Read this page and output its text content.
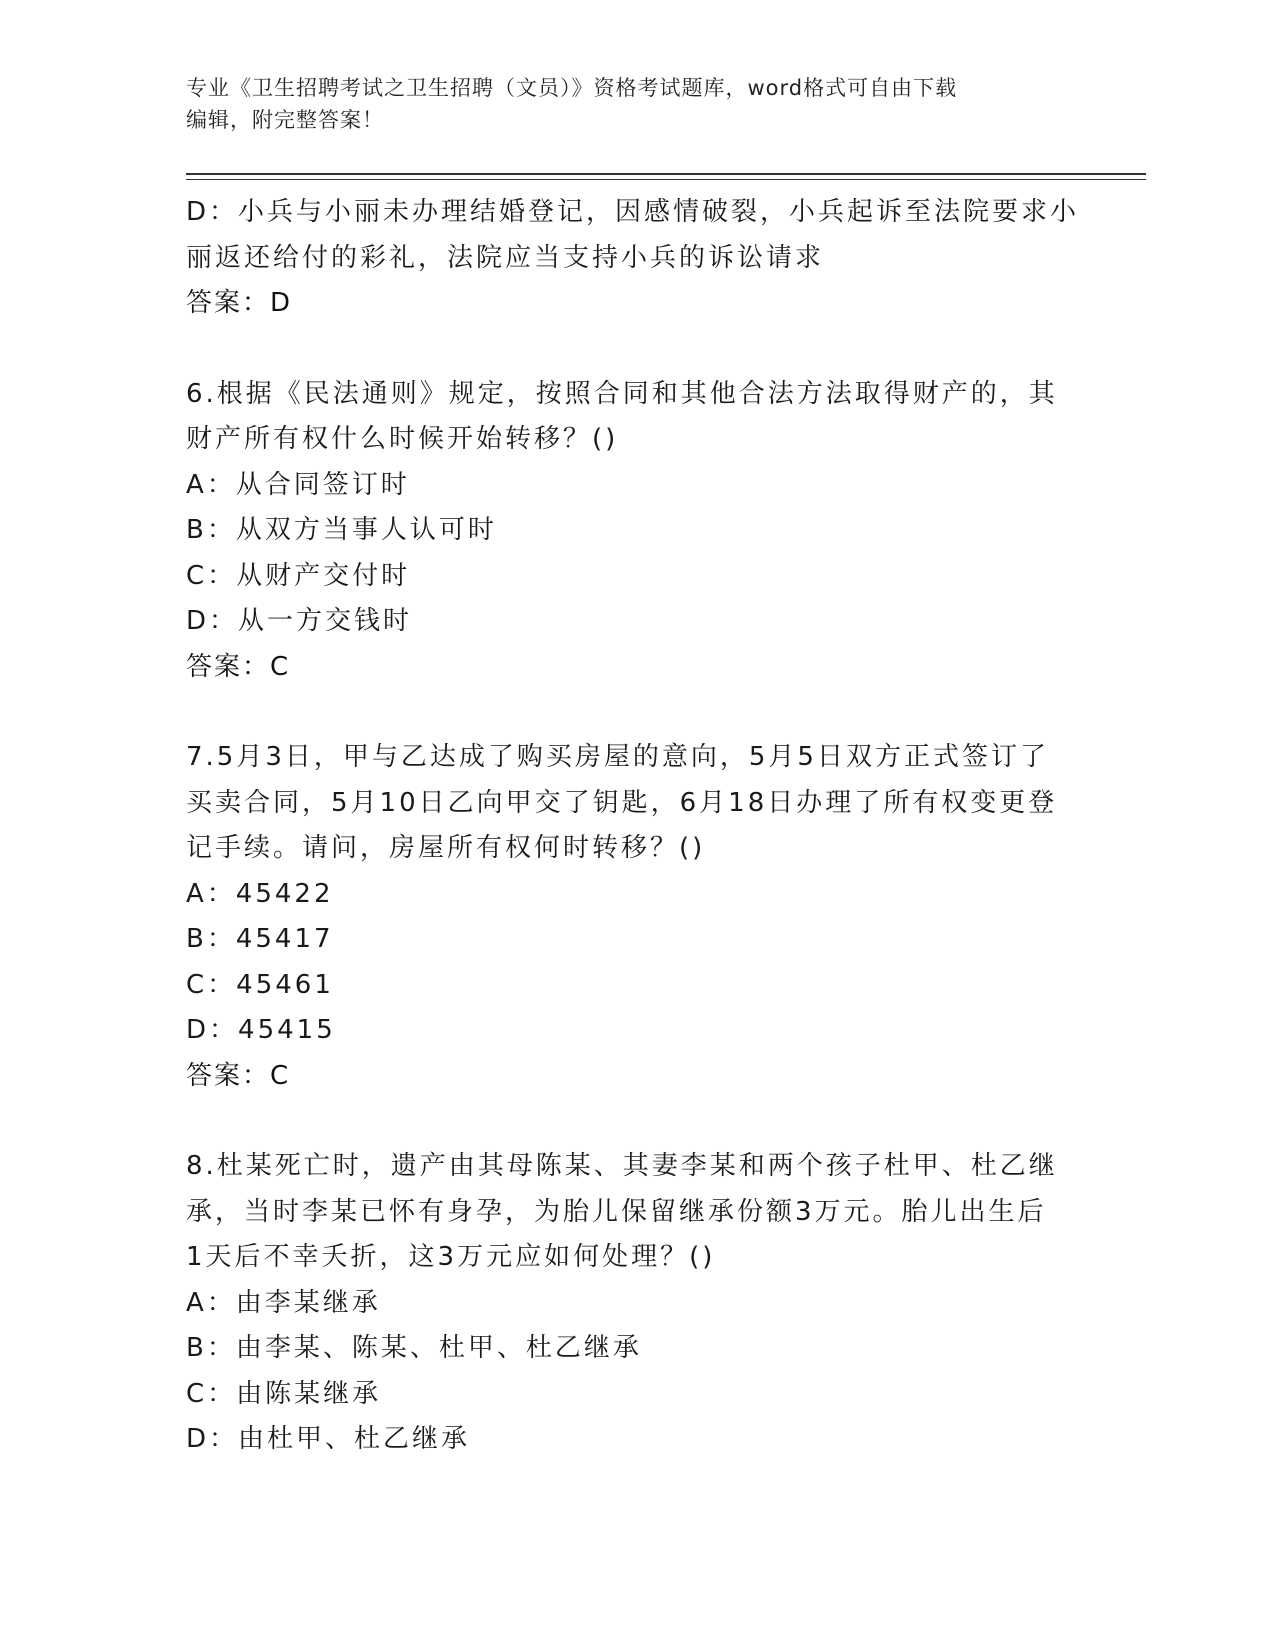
专业《卫生招聘考试之卫生招聘（文员）》资格考试题库，word格式可自由下载
编辑，附完整答案！
D：小兵与小丽未办理结婚登记，因感情破裂，小兵起诉至法院要求小
丽返还给付的彩礼，法院应当支持小兵的诉讼请求
答案：D
6.根据《民法通则》规定，按照合同和其他合法方法取得财产的，其
财产所有权什么时候开始转移？()
A：从合同签订时
B：从双方当事人认可时
C：从财产交付时
D：从一方交钱时
答案：C
7.5月3日，甲与乙达成了购买房屋的意向，5月5日双方正式签订了
买卖合同，5月10日乙向甲交了钥匙，6月18日办理了所有权变更登
记手续。请问，房屋所有权何时转移？()
A：45422
B：45417
C：45461
D：45415
答案：C
8.杜某死亡时，遗产由其母陈某、其妻李某和两个孩子杜甲、杜乙继
承，当时李某已怀有身孕，为胎儿保留继承份额3万元。胎儿出生后
1天后不幸夭折，这3万元应如何处理？()
A：由李某继承
B：由李某、陈某、杜甲、杜乙继承
C：由陈某继承
D：由杜甲、杜乙继承
